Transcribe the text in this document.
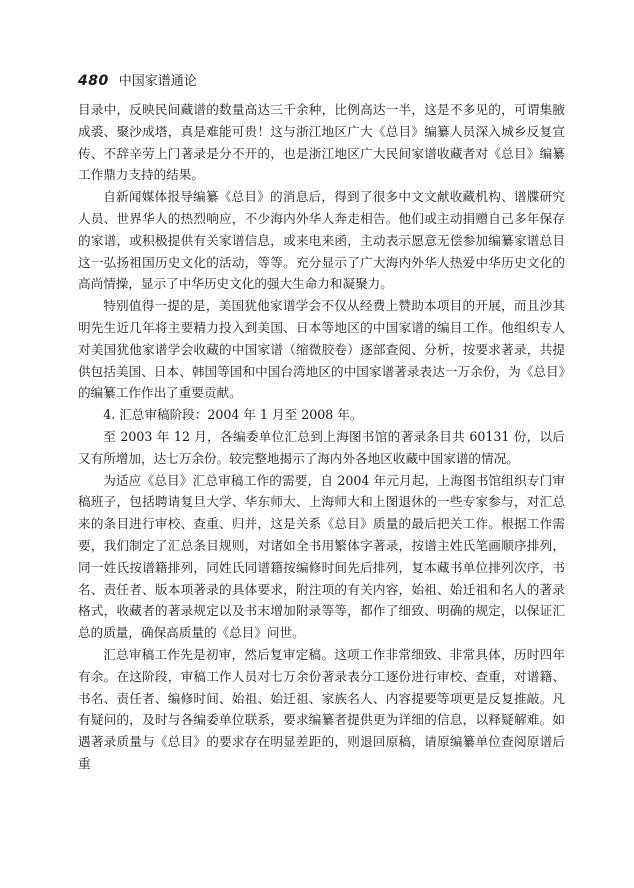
480 中国家谱通论

目录中，反映民间藏谱的数量高达三千余种，比例高达一半，这是不多见的，可谓集腋成裘、聚沙成塔，真是难能可贵！这与浙江地区广大《总目》编纂人员深入城乡反复宣传、不辞辛劳上门著录是分不开的，也是浙江地区广大民间家谱收藏者对《总目》编纂工作鼎力支持的结果。

自新闻媒体报导编纂《总目》的消息后，得到了很多中文文献收藏机构、谱牒研究人员、世界华人的热烈响应，不少海内外华人奔走相告。他们或主动捐赠自己多年保存的家谱，或积极提供有关家谱信息，或来电来函，主动表示愿意无偿参加编纂家谱总目这一弘扬祖国历史文化的活动，等等。充分显示了广大海内外华人热爱中华历史文化的高尚情操，显示了中华历史文化的强大生命力和凝聚力。

特别值得一提的是，美国犹他家谱学会不仅从经费上赞助本项目的开展，而且沙其明先生近几年将主要精力投入到美国、日本等地区的中国家谱的编目工作。他组织专人对美国犹他家谱学会收藏的中国家谱（缩微胶卷）逐部查阅、分析，按要求著录，共提供包括美国、日本、韩国等国和中国台湾地区的中国家谱著录表达一万余份，为《总目》的编纂工作作出了重要贡献。

4. 汇总审稿阶段：2004 年 1 月至 2008 年。

至 2003 年 12 月，各编委单位汇总到上海图书馆的著录条目共 60131 份，以后又有所增加，达七万余份。较完整地揭示了海内外各地区收藏中国家谱的情况。

为适应《总目》汇总审稿工作的需要，自 2004 年元月起，上海图书馆组织专门审稿班子，包括聘请复旦大学、华东师大、上海师大和上图退休的一些专家参与，对汇总来的条目进行审校、查重、归并，这是关系《总目》质量的最后把关工作。根据工作需要，我们制定了汇总条目规则，对诸如全书用繁体字著录，按谱主姓氏笔画顺序排列，同一姓氏按谱籍排列，同姓氏同谱籍按编修时间先后排列，复本藏书单位排列次序，书名、责任者、版本项著录的具体要求，附注项的有关内容，始祖、始迁祖和名人的著录格式，收藏者的著录规定以及书末增加附录等等，都作了细致、明确的规定，以保证汇总的质量，确保高质量的《总目》问世。

汇总审稿工作先是初审，然后复审定稿。这项工作非常细致、非常具体，历时四年有余。在这阶段，审稿工作人员对七万余份著录表分工逐份进行审校、查重，对谱籍、书名、责任者、编修时间、始祖、始迁祖、家族名人、内容提要等项更是反复推敲。凡有疑问的，及时与各编委单位联系，要求编纂者提供更为详细的信息，以释疑解难。如遇著录质量与《总目》的要求存在明显差距的，则退回原稿，请原编纂单位查阅原谱后重
